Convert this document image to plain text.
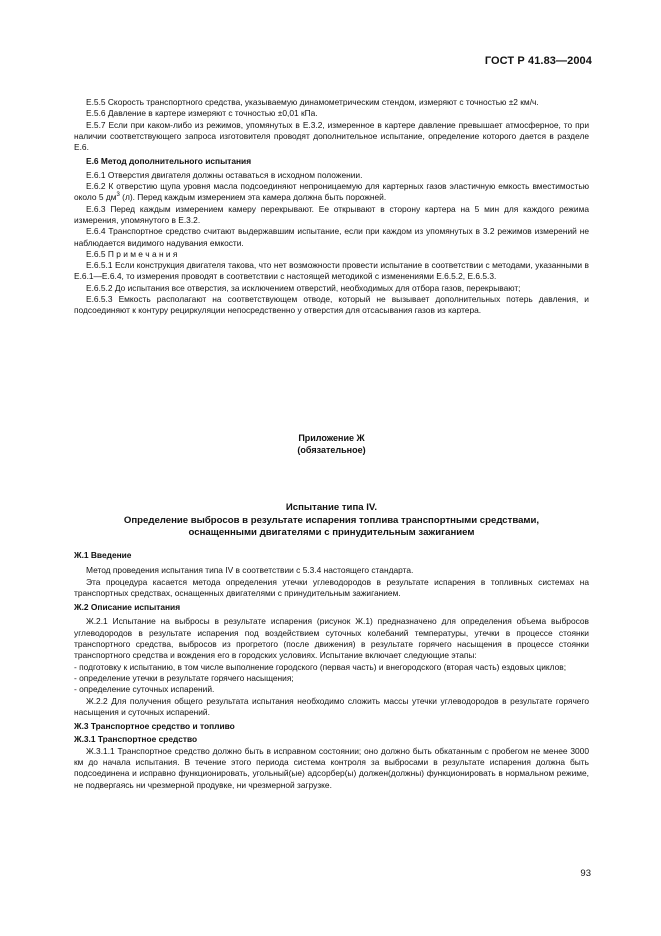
ГОСТ Р 41.83—2004

Е.5.5 Скорость транспортного средства, указываемую динамометрическим стендом, измеряют с точностью ±2 км/ч.

Е.5.6 Давление в картере измеряют с точностью ±0,01 кПа.

Е.5.7 Если при каком-либо из режимов, упомянутых в Е.3.2, измеренное в картере давление превышает атмосферное, то при наличии соответствующего запроса изготовителя проводят дополнительное испытание, определение которого дается в разделе Е.6.

Е.6 Метод дополнительного испытания

Е.6.1 Отверстия двигателя должны оставаться в исходном положении.

Е.6.2 К отверстию щупа уровня масла подсоединяют непроницаемую для картерных газов эластичную емкость вместимостью около 5 $дм^3$ (л). Перед каждым измерением эта камера должна быть порожней.

Е.6.3 Перед каждым измерением камеру перекрывают. Ее открывают в сторону картера на 5 мин для каждого режима измерения, упомянутого в Е.3.2.

Е.6.4 Транспортное средство считают выдержавшим испытание, если при каждом из упомянутых в 3.2 режимов измерений не наблюдается видимого надувания емкости.

Е.6.5 П р и м е ч а н и я

Е.6.5.1 Если конструкция двигателя такова, что нет возможности провести испытание в соответствии с методами, указанными в Е.6.1—Е.6.4, то измерения проводят в соответствии с настоящей методикой с изменениями Е.6.5.2, Е.6.5.3.

Е.6.5.2 До испытания все отверстия, за исключением отверстий, необходимых для отбора газов, перекрывают;

Е.6.5.3 Емкость располагают на соответствующем отводе, который не вызывает дополнительных потерь давления, и подсоединяют к контуру рециркуляции непосредственно у отверстия для отсасывания газов из картера.

Приложение Ж

(обязательное)

Испытание типа IV.

Определение выбросов в результате испарения топлива транспортными средствами, оснащенными двигателями с принудительным зажиганием

Ж.1 Введение

Метод проведения испытания типа IV в соответствии с 5.3.4 настоящего стандарта.

Эта процедура касается метода определения утечки углеводородов в результате испарения в топливных системах на транспортных средствах, оснащенных двигателями с принудительным зажиганием.

Ж.2 Описание испытания

Ж.2.1 Испытание на выбросы в результате испарения (рисунок Ж.1) предназначено для определения объема выбросов углеводородов в результате испарения под воздействием суточных колебаний температуры, утечки в процессе стоянки транспортного средства, выбросов из прогретого (после движения) в результате горячего насыщения в процессе стоянки транспортного средства и вождения его в городских условиях. Испытание включает следующие этапы:

- подготовку к испытанию, в том числе выполнение городского (первая часть) и внегородского (вторая часть) ездовых циклов;

- определение утечки в результате горячего насыщения;

- определение суточных испарений.

Ж.2.2 Для получения общего результата испытания необходимо сложить массы утечки углеводородов в результате горячего насыщения и суточных испарений.

Ж.3 Транспортное средство и топливо

Ж.3.1 Транспортное средство

Ж.3.1.1 Транспортное средство должно быть в исправном состоянии; оно должно быть обкатанным с пробегом не менее 3000 км до начала испытания. В течение этого периода система контроля за выбросами в результате испарения должна быть подсоединена и исправно функционировать, угольный(ые) адсорбер(ы) должен(должны) функционировать в нормальном режиме, не подвергаясь ни чрезмерной продувке, ни чрезмерной загрузке.

93
